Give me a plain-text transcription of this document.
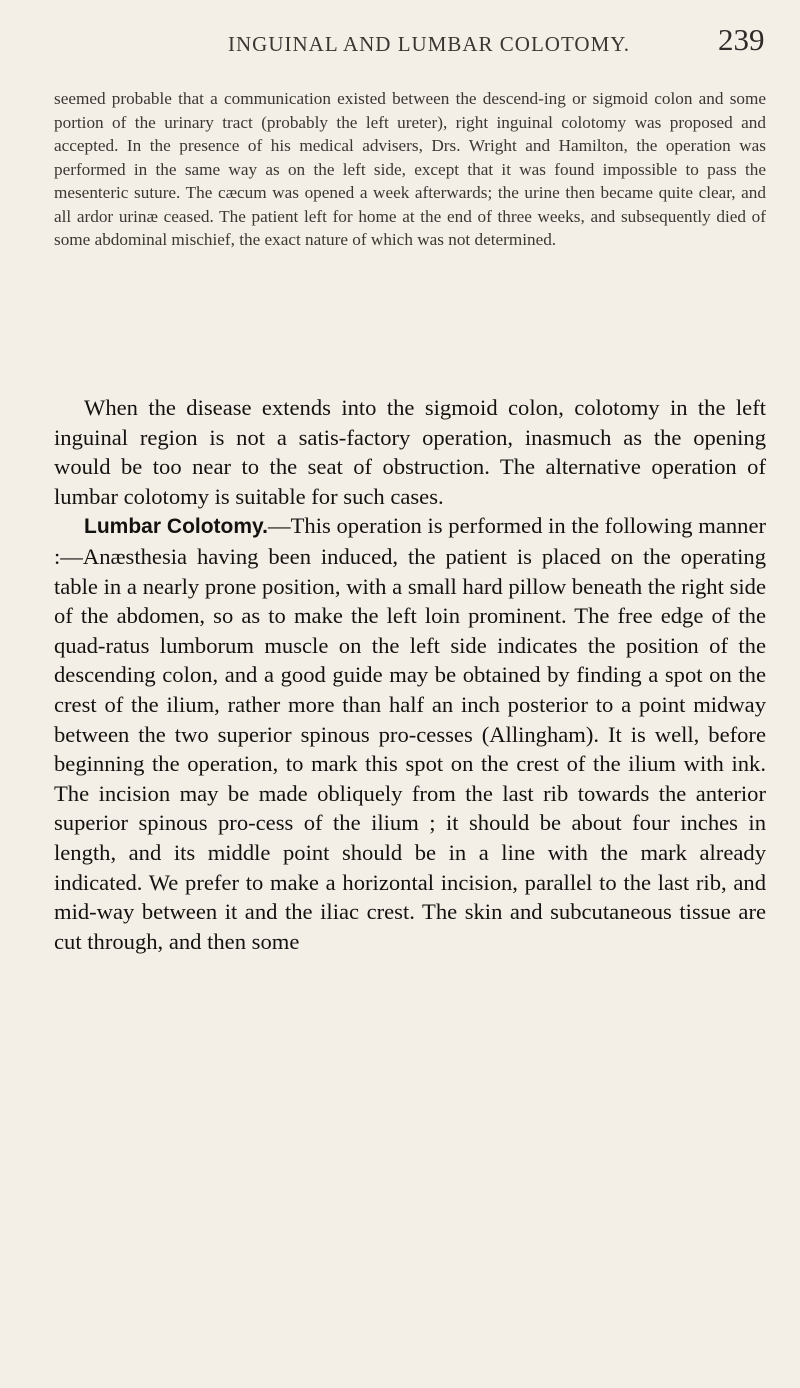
INGUINAL AND LUMBAR COLOTOMY.	239

seemed probable that a communication existed between the descend-ing or sigmoid colon and some portion of the urinary tract (probably the left ureter), right inguinal colotomy was proposed and accepted. In the presence of his medical advisers, Drs. Wright and Hamilton, the operation was performed in the same way as on the left side, except that it was found impossible to pass the mesenteric suture. The cæcum was opened a week afterwards; the urine then became quite clear, and all ardor urinæ ceased. The patient left for home at the end of three weeks, and subsequently died of some abdominal mischief, the exact nature of which was not determined.

When the disease extends into the sigmoid colon, colotomy in the left inguinal region is not a satis-factory operation, inasmuch as the opening would be too near to the seat of obstruction. The alternative operation of lumbar colotomy is suitable for such cases.

Lumbar Colotomy.—This operation is performed in the following manner :—Anæsthesia having been induced, the patient is placed on the operating table in a nearly prone position, with a small hard pillow beneath the right side of the abdomen, so as to make the left loin prominent. The free edge of the quad-ratus lumborum muscle on the left side indicates the position of the descending colon, and a good guide may be obtained by finding a spot on the crest of the ilium, rather more than half an inch posterior to a point midway between the two superior spinous pro-cesses (Allingham). It is well, before beginning the operation, to mark this spot on the crest of the ilium with ink. The incision may be made obliquely from the last rib towards the anterior superior spinous pro-cess of the ilium ; it should be about four inches in length, and its middle point should be in a line with the mark already indicated. We prefer to make a horizontal incision, parallel to the last rib, and mid-way between it and the iliac crest. The skin and subcutaneous tissue are cut through, and then some
